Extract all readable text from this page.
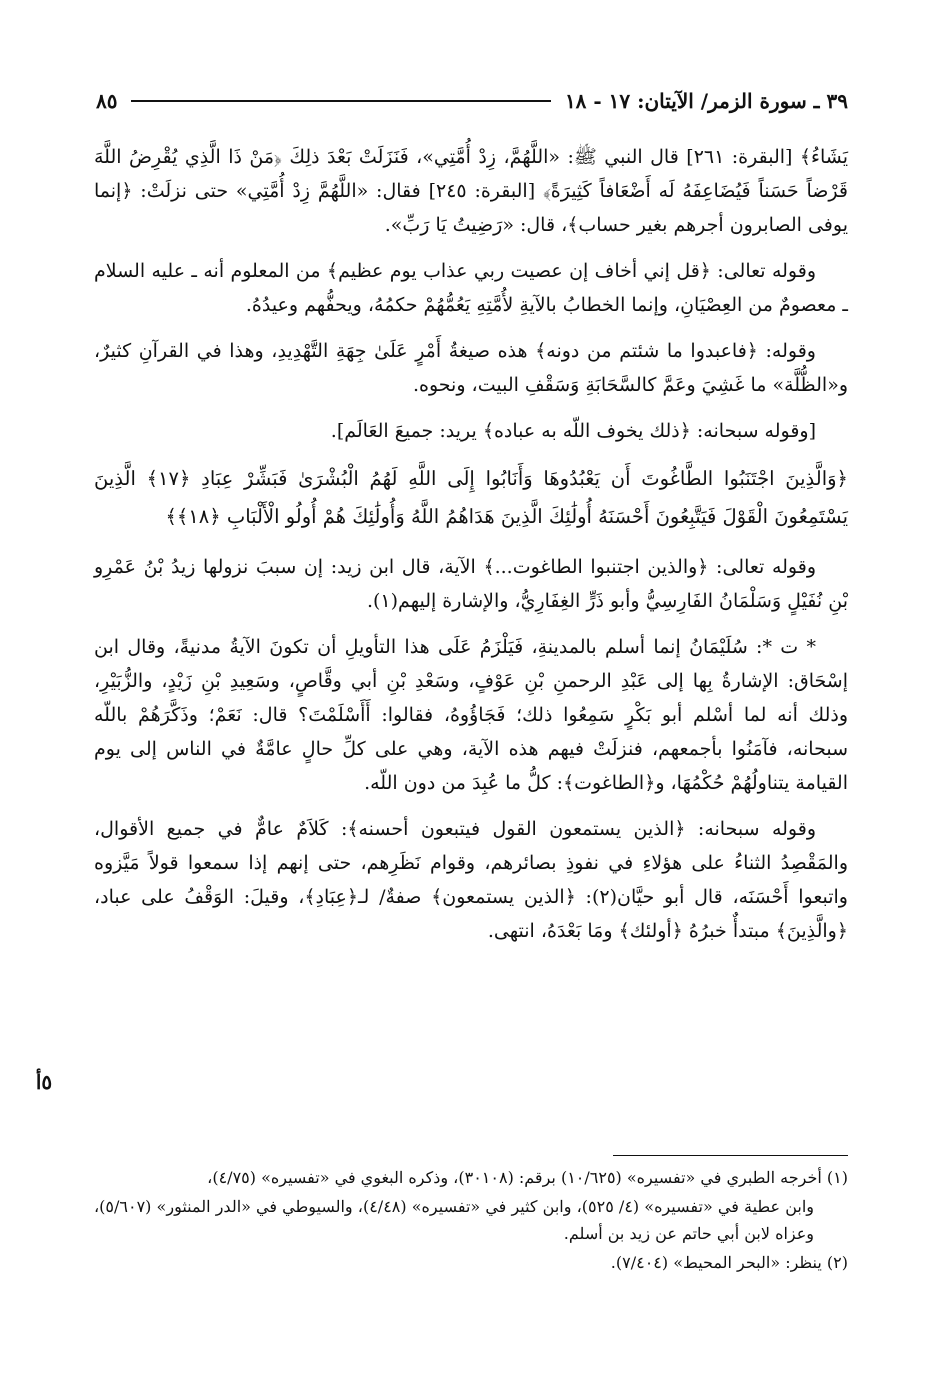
٣٩ ـ سورة الزمر/ الآيتان: ١٧ - ١٨
٨٥

يَشَاءُ﴾ [البقرة: ٢٦١] قال النبي ﷺ: «اللَّهُمَّ، زِدْ أُمَّتِي»، فَنَزَلَتْ بَعْدَ ذلِكَ ﴿مَنْ ذَا الَّذِي يُقْرِضُ اللَّهَ قَرْضاً حَسَناً فَيُضَاعِفَهُ لَه أَضْعَافاً كَثِيرَةً﴾ [البقرة: ٢٤٥] فقال: «اللَّهُمَّ زِدْ أُمَّتِي» حتى نزلَتْ: ﴿إنما يوفى الصابرون أجرهم بغير حساب﴾، قال: «رَضِيتُ يَا رَبِّ».

وقوله تعالى: ﴿قل إني أخاف إن عصيت ربي عذاب يوم عظيم﴾ من المعلوم أنه ـ عليه السلام ـ معصومٌ من العِصْيَانِ، وإنما الخطابُ بالآيةِ لأُمَّتِهِ يَعُمُّهُمْ حكمُهُ، ويحفُّهم وعيدُهُ.

وقوله: ﴿فاعبدوا ما شئتم من دونه﴾ هذه صيغةُ أَمْرٍ عَلَىٰ جِهَةِ التَّهْدِيدِ، وهذا في القرآنِ كثيرٌ، و«الظُّلَّة» ما غَشِيَ وعَمَّ كالسَّحَابَةِ وَسَقْفِ البيت، ونحوه.

[وقوله سبحانه: ﴿ذلك يخوف اللّه به عباده﴾ يريد: جميعَ العَالَم].

﴿وَالَّذِينَ اجْتَنَبُوا الطَّاغُوتَ أَن يَعْبُدُوهَا وَأَنَابُوا إِلَى اللَّهِ لَهُمُ الْبُشْرَىٰ فَبَشِّرْ عِبَادِ ﴿١٧﴾ الَّذِينَ يَسْتَمِعُونَ الْقَوْلَ فَيَتَّبِعُونَ أَحْسَنَهُ أُولَٰئِكَ الَّذِينَ هَدَاهُمُ اللَّهُ وَأُولَٰئِكَ هُمْ أُولُو الْأَلْبَابِ ﴿١٨﴾﴾

وقوله تعالى: ﴿والذين اجتنبوا الطاغوت...﴾ الآية، قال ابن زيد: إن سببَ نزولها زيدُ بْنُ عَمْرِو بْنِ نُفَيْلٍ وَسَلْمَانُ الفَارِسِيُّ وأبو ذَرٍّ الغِفَارِيُّ، والإشارة إليهم(١).

* ت *: سُلَيْمَانُ إنما أسلم بالمدينةِ، فَيَلْزَمُ عَلَى هذا التأويلِ أن تكونَ الآيةُ مدنيةً، وقال ابن إسْحَاق: الإشارةُ بِها إلى عَبْدِ الرحمنِ بْنِ عَوْفٍ، وسَعْدِ بْنِ أبي وقَّاصٍ، وسَعِيدِ بْنِ زَيْدٍ، والزُّبَيْرِ، وذلك أنه لما أسْلم أبو بَكْرٍ سَمِعُوا ذلك؛ فَجَاؤُوهُ، فقالوا: أَأَسْلَمْتَ؟ قال: نَعَمْ؛ وذَكَّرَهُمْ باللّه سبحانه، فآمَنُوا بأجمعهم، فنزلَتْ فيهم هذه الآية، وهي على كلِّ حالٍ عامَّةٌ في الناس إلى يوم القيامة يتناولُهُمْ حُكْمُهَا، و﴿الطاغوت﴾: كلُّ ما عُبِدَ من دون اللّه.

وقوله سبحانه: ﴿الذين يستمعون القول فيتبعون أحسنه﴾: كَلاَمٌ عامٌّ في جميع الأقوال، والمَقْصِدُ الثناءُ على هؤلاءِ في نفوذِ بصائرهم، وقوام نَظَرِهم، حتى إنهم إذا سمعوا قولاً مَيَّزوه واتبعوا أَحْسَنَه، قال أبو حيَّان(٢): ﴿الذين يستمعون﴾ صفةٌ/ لـ﴿عِبَادِ﴾، وقيلَ: الوَقْفُ على عباد، ﴿والَّذِينَ﴾ مبتدأٌ خبرُهُ ﴿أولئك﴾ ومَا بَعْدَهُ، انتهى.

٥أ

(١) أخرجه الطبري في «تفسيره» (١٠/٦٢٥) برقم: (٣٠١٠٨)، وذكره البغوي في «تفسيره» (٤/٧٥)،

وابن عطية في «تفسيره» (٤/ ٥٢٥)، وابن كثير في «تفسيره» (٤/٤٨)، والسيوطي في «الدر المنثور» (٥/٦٠٧)، وعزاه لابن أبي حاتم عن زيد بن أسلم.

(٢) ينظر: «البحر المحيط» (٧/٤٠٤).
